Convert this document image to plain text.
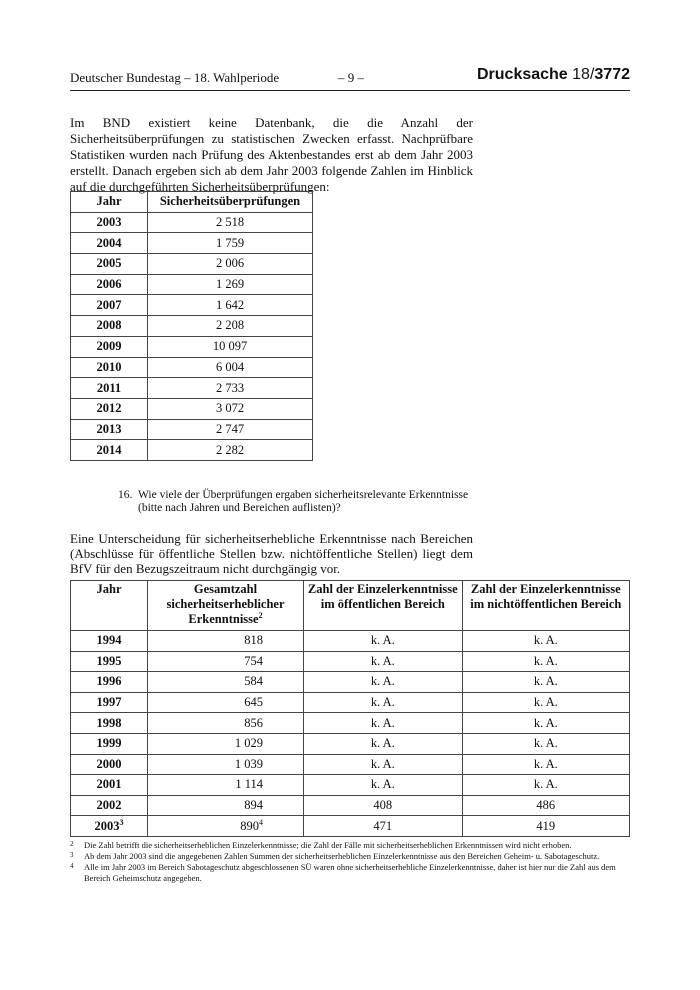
Deutscher Bundestag – 18. Wahlperiode	– 9 –	Drucksache 18/3772
Im BND existiert keine Datenbank, die die Anzahl der Sicherheitsüberprüfungen zu statistischen Zwecken erfasst. Nachprüfbare Statistiken wurden nach Prüfung des Aktenbestandes erst ab dem Jahr 2003 erstellt. Danach ergeben sich ab dem Jahr 2003 folgende Zahlen im Hinblick auf die durchgeführten Sicherheitsüberprüfungen:
Jahr	Sicherheitsüberprüfungen
2003	2 518
2004	1 759
2005	2 006
2006	1 269
2007	1 642
2008	2 208
2009	10 097
2010	6 004
2011	2 733
2012	3 072
2013	2 747
2014	2 282
16. Wie viele der Überprüfungen ergaben sicherheitsrelevante Erkenntnisse (bitte nach Jahren und Bereichen auflisten)?
Eine Unterscheidung für sicherheitserhebliche Erkenntnisse nach Bereichen (Abschlüsse für öffentliche Stellen bzw. nichtöffentliche Stellen) liegt dem BfV für den Bezugszeitraum nicht durchgängig vor.
Jahr	Gesamtzahl sicherheitserheblicher Erkenntnisse$^2$	Zahl der Einzelerkenntnisse im öffentlichen Bereich	Zahl der Einzelerkenntnisse im nichtöffentlichen Bereich
1994	818	k. A.	k. A.
1995	754	k. A.	k. A.
1996	584	k. A.	k. A.
1997	645	k. A.	k. A.
1998	856	k. A.	k. A.
1999	1 029	k. A.	k. A.
2000	1 039	k. A.	k. A.
2001	1 114	k. A.	k. A.
2002	894	408	486
2003$^3$	$890^4$	471	419
2 Die Zahl betrifft die sicherheitserheblichen Einzelerkenntnisse; die Zahl der Fälle mit sicherheitserheblichen Erkenntnissen wird nicht erhoben.
3 Ab dem Jahr 2003 sind die angegebenen Zahlen Summen der sicherheitserheblichen Einzelerkenntnisse aus den Bereichen Geheim- u. Sabotageschutz.
4 Alle im Jahr 2003 im Bereich Sabotageschutz abgeschlossenen SÜ waren ohne sicherheitserhebliche Einzelerkenntnisse, daher ist hier nur die Zahl aus dem Bereich Geheimschutz angegeben.
